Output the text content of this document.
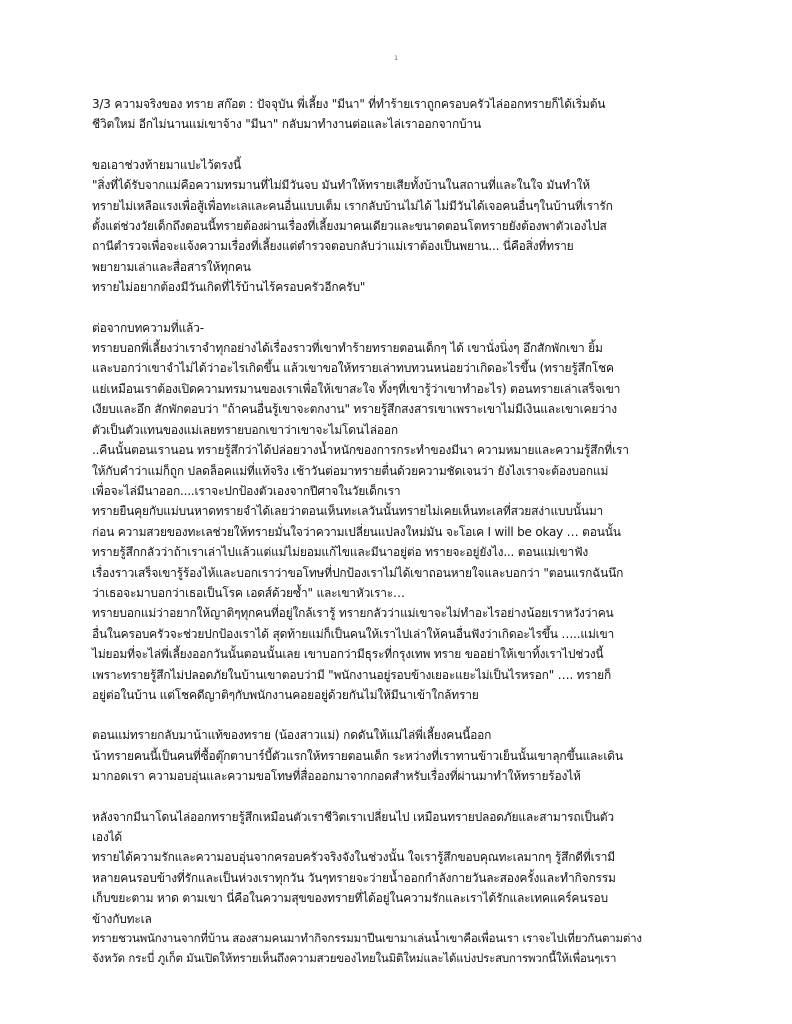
1

3/3 ความจริงของ ทราย สก๊อต : ปัจจุบัน พี่เลี้ยง "มีนา" ที่ทำร้ายเราถูกครอบครัวไล่ออกทรายก็ได้เริ่มต้น

ชีวิตใหม่ อีกไม่นานแม่เขาจ้าง "มีนา" กลับมาทำงานต่อและไล่เราออกจากบ้าน

ขอเอาช่วงท้ายมาแปะไว้ตรงนี้

"สิ่งที่ได้รับจากแม่คือความทรมานที่ไม่มีวันจบ มันทำให้ทรายเสียทั้งบ้านในสถานที่และในใจ มันทำให้

ทรายไม่เหลือแรงเพื่อสู้เพื่อทะเลและคนอื่นแบบเต็ม เรากลับบ้านไม่ได้ ไม่มีวันได้เจอคนอื่นๆในบ้านที่เรารัก

ตั้งแต่ช่วงวัยเด็กถึงตอนนี้ทรายต้องผ่านเรื่องที่เลี้ยงมาคนเดียวและขนาดตอนโตทรายยังต้องพาตัวเองไปส

ถานีตำรวจเพื่อจะแจ้งความเรื่องที่เลี้ยงแต่ตำรวจตอบกลับว่าแม่เราต้องเป็นพยาน... นี่คือสิ่งที่ทราย

พยายามเล่าและสื่อสารให้ทุกคน

ทรายไม่อยากต้องมีวันเกิดที่ไร้บ้านไร้ครอบครัวอีกครับ"

ต่อจากบทความที่แล้ว-

ทรายบอกพี่เลี้ยงว่าเราจำทุกอย่างได้เรื่องราวที่เขาทำร้ายทรายตอนเด็กๆ ได้ เขานั่งนิ่งๆ อึกสักพักเขา ยิ้ม

และบอกว่าเขาจำไม่ได้ว่าอะไรเกิดขึ้น แล้วเขาขอให้ทรายเล่าทบทวนหน่อยว่าเกิดอะไรขึ้น (ทรายรู้สึกโชค

แย่เหมือนเราต้องเปิดความทรมานของเราเพื่อให้เขาสะใจ ทั้งๆที่เขารู้ว่าเขาทำอะไร) ตอนทรายเล่าเสร็จเขา

เงียบและอึก สักพักตอบว่า "ถ้าคนอื่นรู้เขาจะตกงาน" ทรายรู้สึกสงสารเขาเพราะเขาไม่มีเงินและเขาเคยว่าง

ตัวเป็นตัวแทนของแม่เลยทรายบอกเขาว่าเขาจะไม่โดนไล่ออก

..คืนนั้นตอนเรานอน ทรายรู้สึกว่าได้ปล่อยวางน้ำหนักของการกระทำของมีนา ความหมายและความรู้สึกที่เรา

ให้กับคำว่าแม่ก็ถูก ปลดล็อคแม่ที่แท้จริง เช้าวันต่อมาทรายตื่นด้วยความชัดเจนว่า ยังไงเราจะต้องบอกแม่

เพื่อจะไล่มีนาออก....เราจะปกป้องตัวเองจากปีศาจในวัยเด็กเรา

ทรายยืนคุยกับแม่บนหาดทรายจำได้เลยว่าตอนเห็นทะเลวันนั้นทรายไม่เคยเห็นทะเลที่สวยสง่าแบบนั้นมา

ก่อน ความสวยของทะเลช่วยให้ทรายมั่นใจว่าความเปลี่ยนแปลงใหม่มัน จะโอเค I will be okay … ตอนนั้น

ทรายรู้สึกกลัวว่าถ้าเราเล่าไปแล้วแต่แม่ไม่ยอมแก้ไขและมีนาอยู่ต่อ ทรายจะอยู่ยังไง... ตอนแม่เขาฟัง

เรื่องราวเสร็จเขารู้ร้องไห้และบอกเราว่าขอโทษที่ปกป้องเราไม่ได้เขาถอนหายใจและบอกว่า "ตอนแรกฉันนึก

ว่าเธอจะมาบอกว่าเธอเป็นโรค เอดส์ด้วยซ้ำ" และเขาหัวเราะ…

ทรายบอกแม่ว่าอยากให้ญาติๆทุกคนที่อยู่ใกล้เรารู้ ทรายกลัวว่าแม่เขาจะไม่ทำอะไรอย่างน้อยเราหวังว่าคน

อื่นในครอบครัวจะช่วยปกป้องเราได้ สุดท้ายแม่ก็เป็นคนให้เราไปเล่าให้คนอื่นฟังว่าเกิดอะไรขึ้น …..แม่เขา

ไม่ยอมที่จะไล่พี่เลี้ยงออกวันนั้นตอนนั้นเลย เขาบอกว่ามีธุระที่กรุงเทพ ทราย ขออย่าให้เขาทิ้งเราไปช่วงนี้

เพราะทรายรู้สึกไม่ปลอดภัยในบ้านเขาตอบว่ามี "พนักงานอยู่รอบข้างเยอะแยะไม่เป็นไรหรอก" …. ทรายก็

อยู่ต่อในบ้าน แต่โชคดีญาติๆกับพนักงานคอยอยู่ด้วยกันไม่ให้มีนาเข้าใกล้ทราย

ตอนแม่ทรายกลับมาน้าแท้ของทราย (น้องสาวแม่) กดดันให้แม่ไล่พี่เลี้ยงคนนี้ออก

น้าทรายคนนี้เป็นคนที่ซื้อตุ๊กตาบาร์บี้ตัวแรกให้ทรายตอนเด็ก ระหว่างที่เราทานข้าวเย็นนั้นเขาลุกขึ้นและเดิน

มากอดเรา ความอบอุ่นและความขอโทษที่สื่อออกมาจากกอดสำหรับเรื่องที่ผ่านมาทำให้ทรายร้องไห้

หลังจากมีนาโดนไล่ออกทรายรู้สึกเหมือนตัวเราชีวิตเราเปลี่ยนไป เหมือนทรายปลอดภัยและสามารถเป็นตัว

เองได้

ทรายได้ความรักและความอบอุ่นจากครอบครัวจริงจังในช่วงนั้น ใจเรารู้สึกขอบคุณทะเลมากๆ รู้สึกดีที่เรามี

หลายคนรอบข้างที่รักและเป็นห่วงเราทุกวัน วันๆทรายจะว่ายน้ำออกกำลังกายวันละสองครั้งและทำกิจกรรม

เก็บขยะตาม หาด ตามเขา นี่คือในความสุขของทรายที่ได้อยู่ในความรักและเราได้รักและเทคแคร์คนรอบ

ข้างกับทะเล

ทรายชวนพนักงานจากที่บ้าน สองสามคนมาทำกิจกรรมมาปีนเขามาเล่นน้ำเขาคือเพื่อนเรา เราจะไปเที่ยวกันตามต่าง

จังหวัด กระบี่ ภูเก็ต มันเปิดให้ทรายเห็นถึงความสวยของไทยในมิติใหม่และได้แบ่งประสบการพวกนี้ให้เพื่อนๆเรา
